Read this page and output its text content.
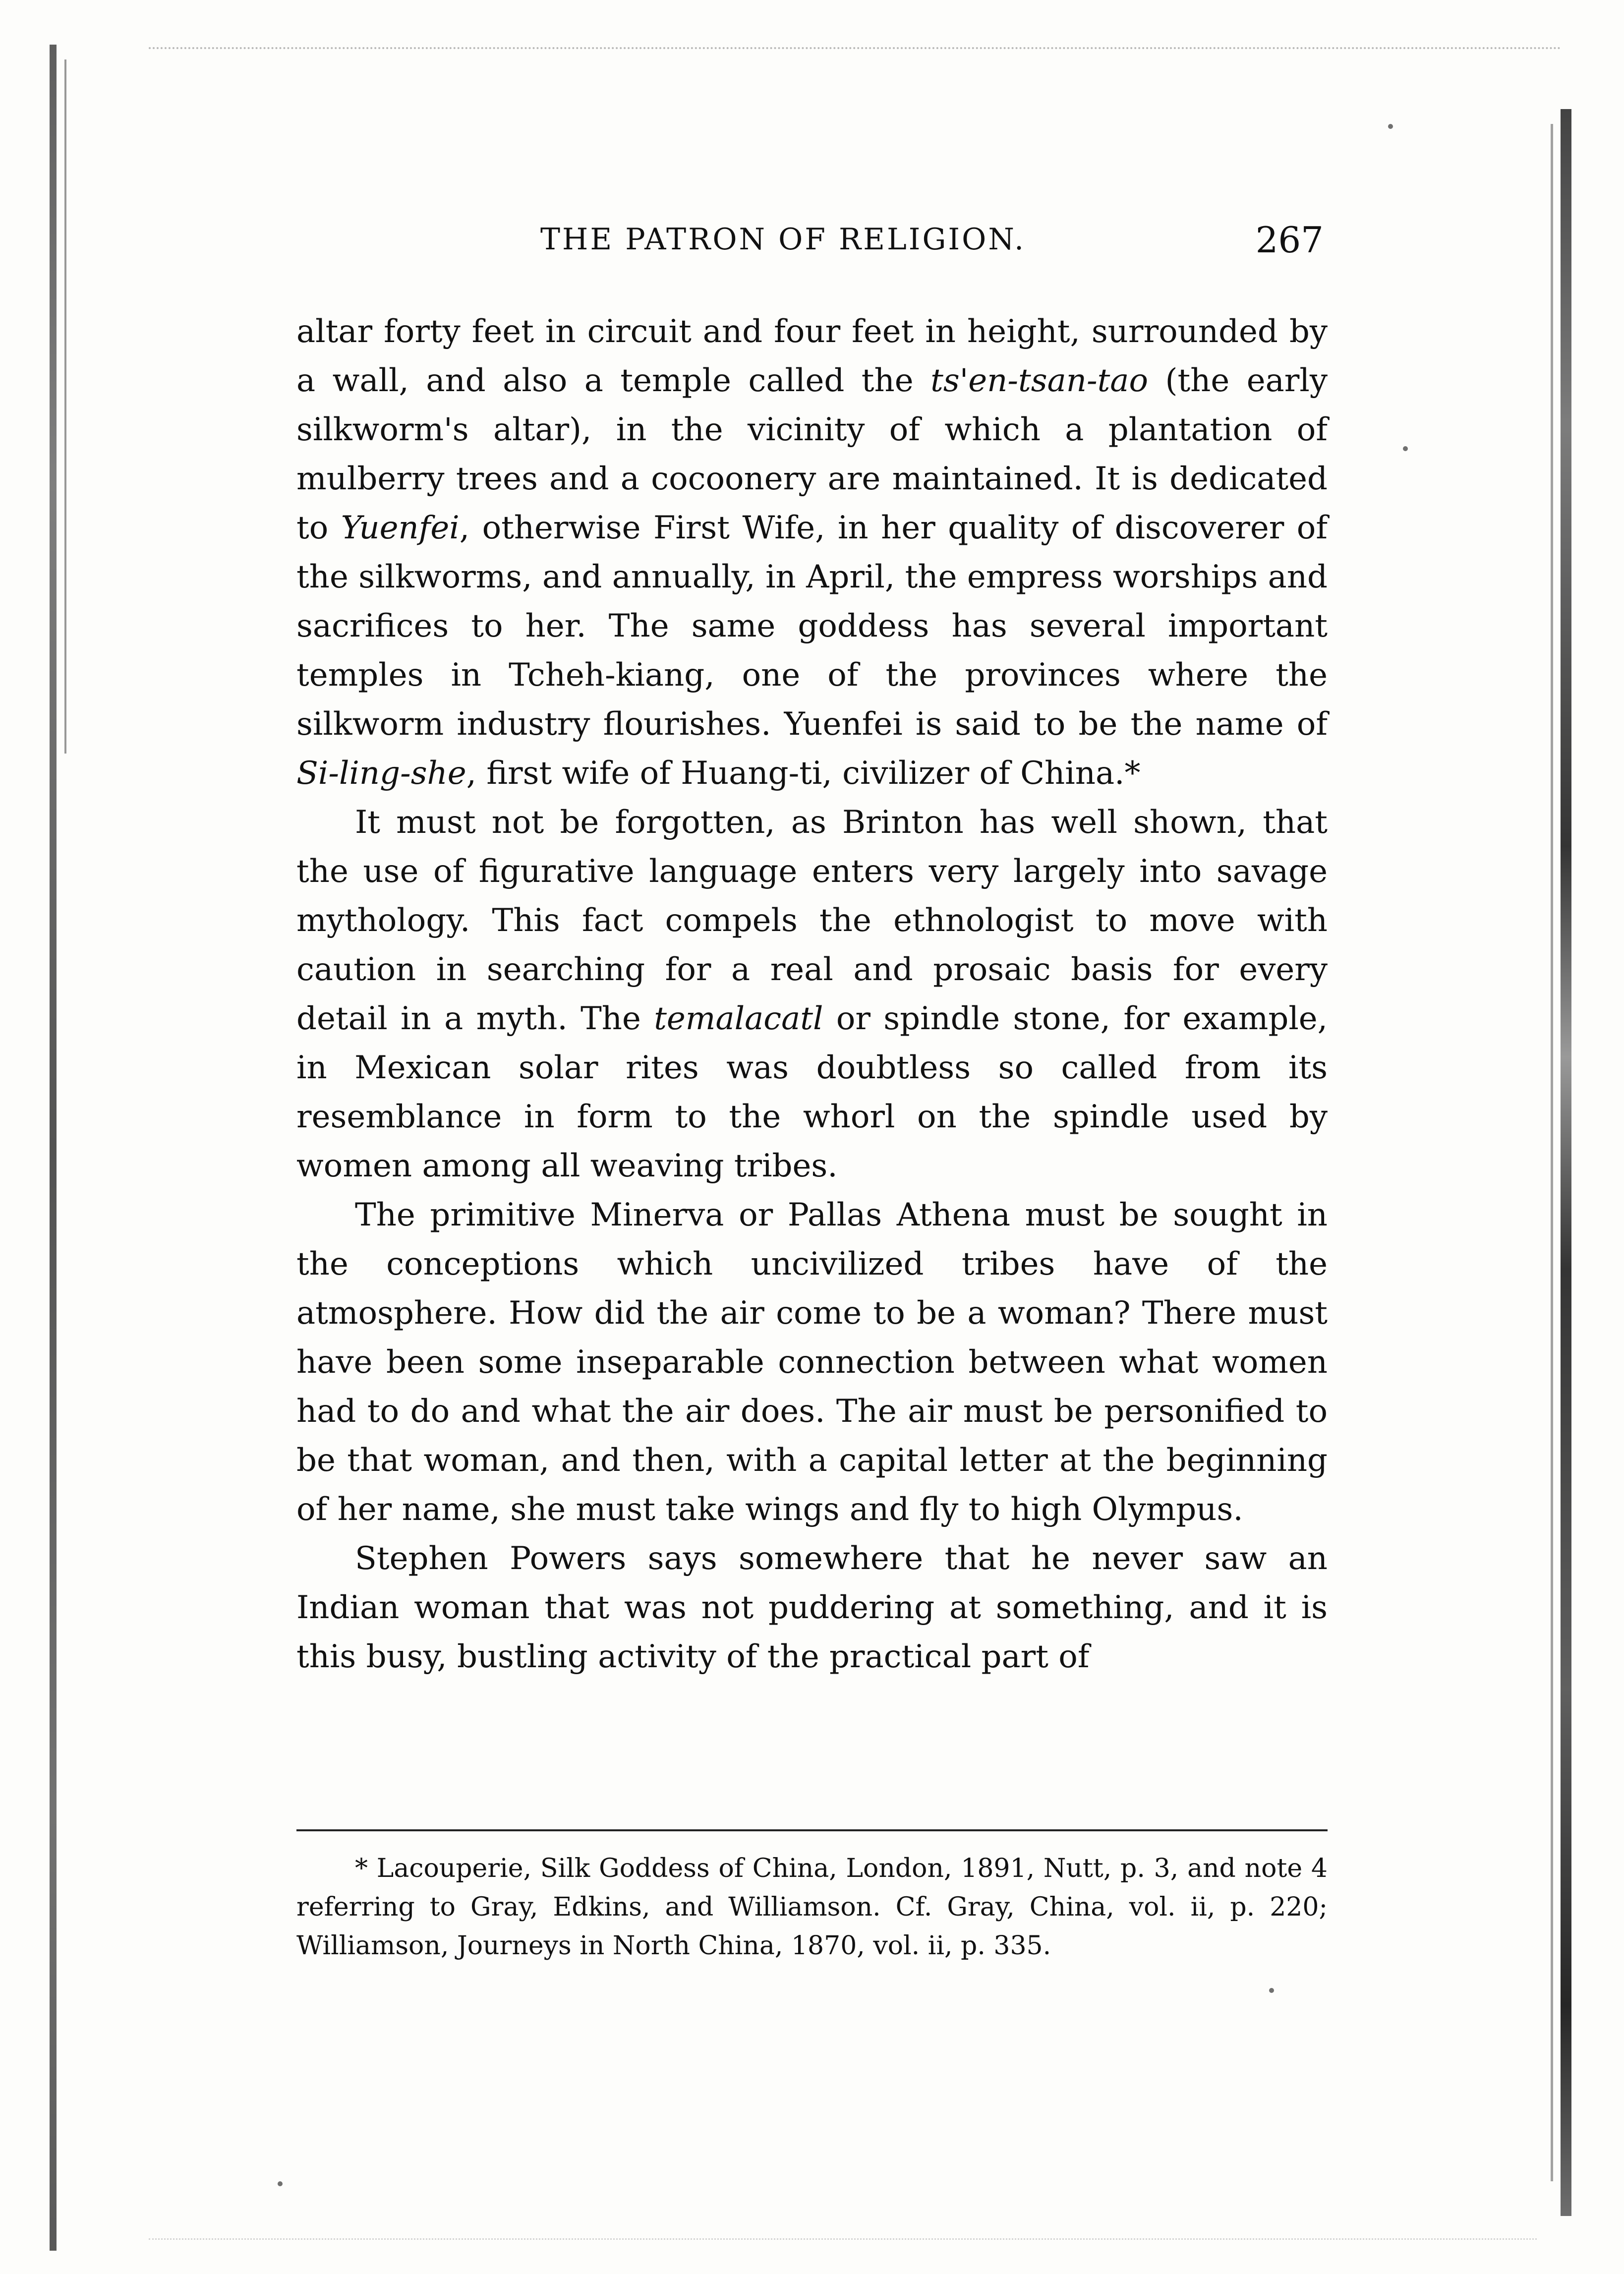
THE PATRON OF RELIGION.	267

altar forty feet in circuit and four feet in height, surrounded by a wall, and also a temple called the ts'en-tsan-tao (the early silkworm's altar), in the vicinity of which a plantation of mulberry trees and a cocoonery are maintained. It is dedicated to Yuenfei, otherwise First Wife, in her quality of discoverer of the silkworms, and annually, in April, the empress worships and sacrifices to her. The same goddess has several important temples in Tcheh-kiang, one of the provinces where the silkworm industry flourishes. Yuenfei is said to be the name of Si-ling-she, first wife of Huang-ti, civilizer of China.*

It must not be forgotten, as Brinton has well shown, that the use of figurative language enters very largely into savage mythology. This fact compels the ethnologist to move with caution in searching for a real and prosaic basis for every detail in a myth. The temalacatl or spindle stone, for example, in Mexican solar rites was doubtless so called from its resemblance in form to the whorl on the spindle used by women among all weaving tribes.

The primitive Minerva or Pallas Athena must be sought in the conceptions which uncivilized tribes have of the atmosphere. How did the air come to be a woman? There must have been some inseparable connection between what women had to do and what the air does. The air must be personified to be that woman, and then, with a capital letter at the beginning of her name, she must take wings and fly to high Olympus.

Stephen Powers says somewhere that he never saw an Indian woman that was not puddering at something, and it is this busy, bustling activity of the practical part of

* Lacouperie, Silk Goddess of China, London, 1891, Nutt, p. 3, and note 4 referring to Gray, Edkins, and Williamson. Cf. Gray, China, vol. ii, p. 220; Williamson, Journeys in North China, 1870, vol. ii, p. 335.
